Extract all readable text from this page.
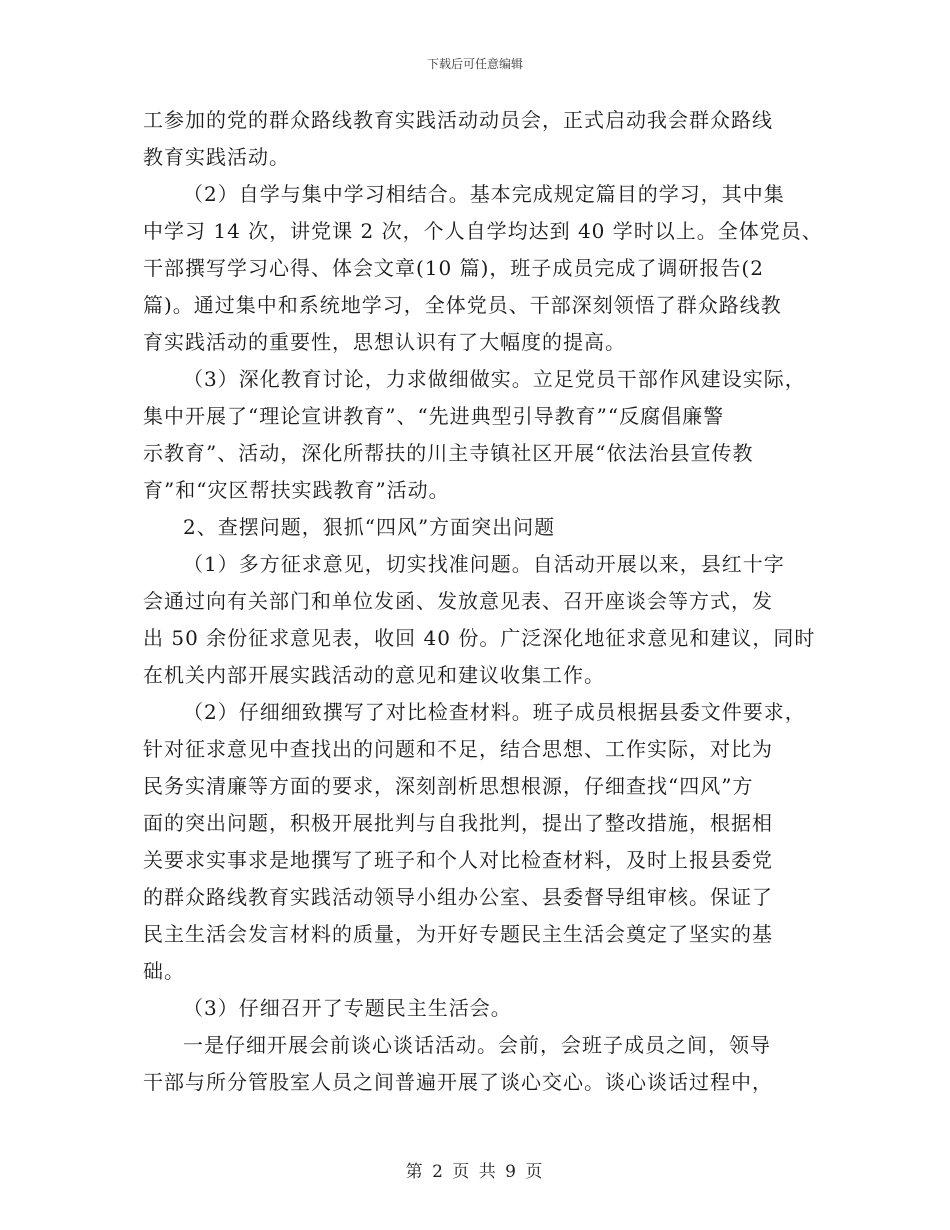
下载后可任意编辑
工参加的党的群众路线教育实践活动动员会，正式启动我会群众路线
教育实践活动。
（2）自学与集中学习相结合。基本完成规定篇目的学习，其中集
中学习 14 次，讲党课 2 次，个人自学均达到 40 学时以上。全体党员、
干部撰写学习心得、体会文章(10 篇)，班子成员完成了调研报告(2
篇)。通过集中和系统地学习，全体党员、干部深刻领悟了群众路线教
育实践活动的重要性，思想认识有了大幅度的提高。
（3）深化教育讨论，力求做细做实。立足党员干部作风建设实际，
集中开展了“理论宣讲教育”、“先进典型引导教育”“反腐倡廉警
示教育”、活动，深化所帮扶的川主寺镇社区开展“依法治县宣传教
育”和“灾区帮扶实践教育”活动。
2、查摆问题，狠抓“四风”方面突出问题
（1）多方征求意见，切实找准问题。自活动开展以来，县红十字
会通过向有关部门和单位发函、发放意见表、召开座谈会等方式，发
出 50 余份征求意见表，收回 40 份。广泛深化地征求意见和建议，同时
在机关内部开展实践活动的意见和建议收集工作。
（2）仔细细致撰写了对比检查材料。班子成员根据县委文件要求，
针对征求意见中查找出的问题和不足，结合思想、工作实际，对比为
民务实清廉等方面的要求，深刻剖析思想根源，仔细查找“四风”方
面的突出问题，积极开展批判与自我批判，提出了整改措施，根据相
关要求实事求是地撰写了班子和个人对比检查材料，及时上报县委党
的群众路线教育实践活动领导小组办公室、县委督导组审核。保证了
民主生活会发言材料的质量，为开好专题民主生活会奠定了坚实的基
础。
（3）仔细召开了专题民主生活会。
一是仔细开展会前谈心谈话活动。会前，会班子成员之间，领导
干部与所分管股室人员之间普遍开展了谈心交心。谈心谈话过程中，
第 2 页 共 9 页
